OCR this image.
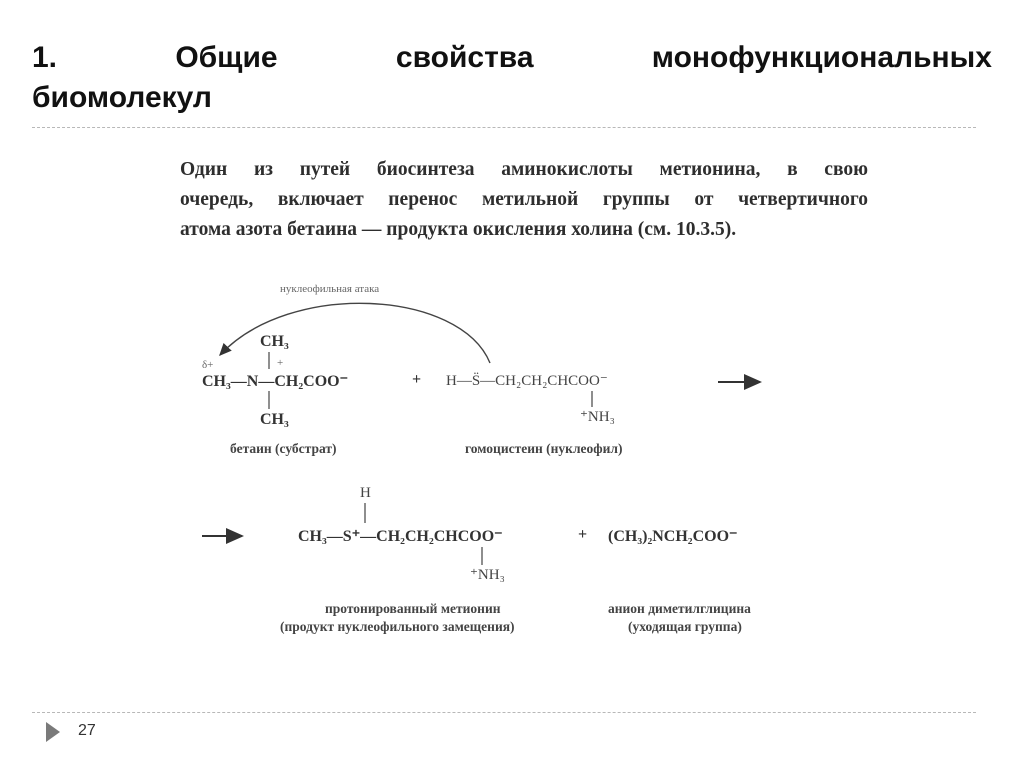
1.	Общие	свойства	монофункциональных
биомолекул
Один из путей биосинтеза аминокислоты метионина, в свою
очередь, включает перенос метильной группы от четвертичного
атома азота бетаина — продукта окисления холина (см. 10.3.5).
нуклеофильная атака
CH₃
+
δ+
CH₃—N—CH₂COO⁻
CH₃
бетаин (субстрат)
+ H—S̈—CH₂CH₂CHCOO⁻
⁺NH₃
гомоцистеин (нуклеофил)
H
CH₃—S⁺—CH₂CH₂CHCOO⁻
⁺NH₃
протонированный метионин
(продукт нуклеофильного замещения)
+ (CH₃)₂NCH₂COO⁻
анион диметилглицина
(уходящая группа)
27
